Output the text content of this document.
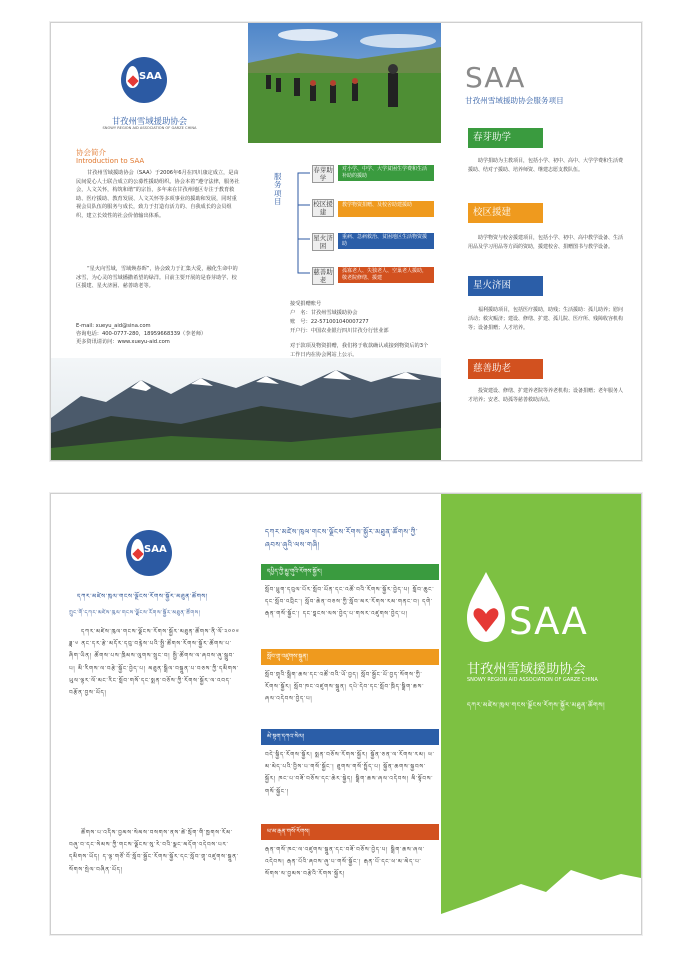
SAA
甘孜州雪域援助协会
SNOWY REGION AID ASSOCIATION OF GARZE CHINA
协会简介
Introduction to SAA
甘孜州雪域援助协会（SAA）于2006年6月在四川康定成立，是由民间爱心人士联合成立的公募性援助组织。协会本着“遵守法律，服务社会，人文关怀，构筑和谐”的宗旨，多年来在甘孜州地区专注于教育救助、医疗援助、教育发展、人文关怀等多项事业的援助和发展，同时重视会员队伍的服务与成长，致力于打造有活力的、自我成长的会员组织，建立长效性的社会价值输出体系。
“星火向雪域，雪域焕春晖”，协会致力于汇集大爱，融化生命中的冰雪，为心灵的雪域播撒希望的绿洋。目前主要开展的是春芽助学、校区援建、星火济困、慈善助老等。
E-mail: xueyu_aid@sina.com
咨询电话：400-0777-280，18959668339（李老师）
更多资讯请访问：www.xueyu-aid.com
服务项目
春芽助学
对小学、中学、大学贫困生学费和生活补助的援助
校区援建
教学物资捐赠、及校舍助建援助
星火济困
重病、急病救治、贫困地区生活物资援助
慈善助老
孤寡老人、失独老人、空巢老人援助，敬老院修缮、援建
接受捐赠账号
户　名：甘孜州雪域援助协会
账　号：22-571001040007277
开户行：中国农业银行四川甘孜分行营业部
对于款项及物资捐赠，我们将于收款确认或接到物资后的3个工作日内在协会网站上公示。
SAA
甘孜州雪域援助协会服务项目
春芽助学
助学捐助为主教项目，包括小学、初中、高中、大学学费和生活费援助、结对子援助、培养师资、继建志愿支教队伍。
校区援建
助学物资与校舍援建项目，包括小学、初中、高中教学设备、生活用品及学习用品等方面的资助，援建校舍、捐赠图书与教学设备。
星火济困
福利援助项目，包括医疗援助，助残；生活援助：孤儿助养；慰问活动；救灾赈济；建设、修缮、扩建、孤儿院、医疗所、残障收容机构等；设备捐赠；人才培养。
慈善助老
投资建设、修缮、扩建养老院等养老机构；设备捐赠；老年服务人才培养；安老、助孤等慈善救助活动。
SAA
དཀར་མཛེས་ཁུལ་གངས་ལྗོངས་རོགས་སྐྱོར་མཐུན་ཚོགས།
ཀྲུང་གོ་དཀར་མཛེས་ཁུལ་གངས་ལྗོངས་རོགས་སྐྱོར་མཐུན་ཚོགས།
དཀར་མཛེས་ཁུལ་གངས་ལྗོངས་རོགས་སྐྱོར་མཐུན་ཚོགས་ནི་ལོ་༢༠༠༦ ཟླ་༦ ནང་དར་རྩེ་མདོར་དབུ་བརྙེས་པའི་སྤྱི་ཚོགས་རོགས་སྐྱོར་ཚོགས་པ་ཞིག་ཡིན། ཚོགས་པས་ཁྲིམས་ལུགས་སྲུང་བ། སྤྱི་ཚོགས་ལ་ཞབས་ཞུ་སྒྲུབ་པ། མི་རིགས་ལ་བརྩེ་སྐྱོང་བྱེད་པ། མཐུན་སྒྲིལ་བསྐྲུན་པ་བཅས་ཀྱི་དམིགས་ཡུལ་ལྟར་ལོ་མང་རིང་སློབ་གསོ་དང་སྨན་བཅོས་ཀྱི་རོགས་སྐྱོར་ལ་འབད་བརྩོན་བྱས་ཡོད།
ཚོགས་པ་འདིས་བྱམས་སེམས་བསགས་ནས་ཚེ་སྲོག་གི་ཁྱགས་རོམ་བཞུ་བ་དང་སེམས་ཀྱི་གངས་ལྗོངས་སུ་རེ་བའི་ལྗང་མདོག་འདེབས་པར་དམིགས་ཡོད། ད་ལྟ་གཙོ་བོ་སློབ་སྦྱོང་རོགས་སྐྱོར་དང་སློབ་གྲྭ་འཛུགས་སྐྲུན་སོགས་སྤེལ་བཞིན་ཡོད།
དཀར་མཛེས་ཁུལ་གངས་ལྗོངས་རོགས་སྐྱོར་མཐུན་ཚོགས་ཀྱི་ཞབས་ཞུའི་ལས་གཞི།
དཔྱིད་ཀྱི་མྱུ་གུའི་རོགས་སྐྱོར།
སློབ་ཕྲུག་དབུལ་པོར་སློབ་ཡོན་དང་འཚོ་བའི་རོགས་སྐྱོར་བྱེད་པ། སློབ་ཆུང་དང་སློབ་འབྲིང་། སློབ་ཆེན་བཅས་ཀྱི་སློབ་མར་རོགས་རམ་གནང་བ། དགེ་རྒན་གསོ་སྐྱོང་། དང་བླངས་ལས་བྱེད་པ་གསར་འཛུགས་བྱེད་པ།
སློབ་གྲྭ་འཛུགས་སྐྲུན།
སློབ་གྲྭའི་སྒྲིག་ཆས་དང་འཚོ་བའི་ཡོ་བྱད། སློབ་སྦྱོང་ཡོ་བྱད་སོགས་ཀྱི་རོགས་སྐྱོར། སློབ་ཁང་འཛུགས་སྐྲུན། དཔེ་དེབ་དང་སློབ་ཁྲིད་སྒྲིག་ཆས་ཞལ་འདེབས་བྱེད་པ།
མེ་སྟག་དཀའ་སེལ།
བདེ་སྐྱིད་རོགས་སྐྱོར། སྨན་བཅོས་རོགས་སྐྱོར། སྐྱོན་ཅན་ལ་རོགས་རམ། ཕ་མ་མེད་པའི་བྱིས་པ་གསོ་སྐྱོང་། ཐུགས་གསོ་སྤྲོད་པ། སྐྱོན་ཆགས་སྐྱབས་སྐྱོར། ཁང་པ་བཟོ་བཅོས་དང་ཆེར་སྐྱེད། སྒྲིག་ཆས་ཞལ་འདེབས། མི་སྟོབས་གསོ་སྐྱོང་།
ཕ་མ་རྒན་གསོ་རོགས།
རྒན་གསོ་ཁང་ལ་འཛུགས་སྐྲུན་དང་བཟོ་བཅོས་བྱེད་པ། སྒྲིག་ཆས་ཞལ་འདེབས། རྒན་པོའི་ཞབས་ཞུ་པ་གསོ་སྐྱོང་། རྒན་པོ་དང་ཕ་མ་མེད་པ་སོགས་ལ་བྱམས་བརྩེའི་རོགས་སྐྱོར།
SAA
甘孜州雪域援助协会
SNOWY REGION AID ASSOCIATION OF GARZE CHINA
དཀར་མཛེས་ཁུལ་གངས་ལྗོངས་རོགས་སྐྱོར་མཐུན་ཚོགས།
